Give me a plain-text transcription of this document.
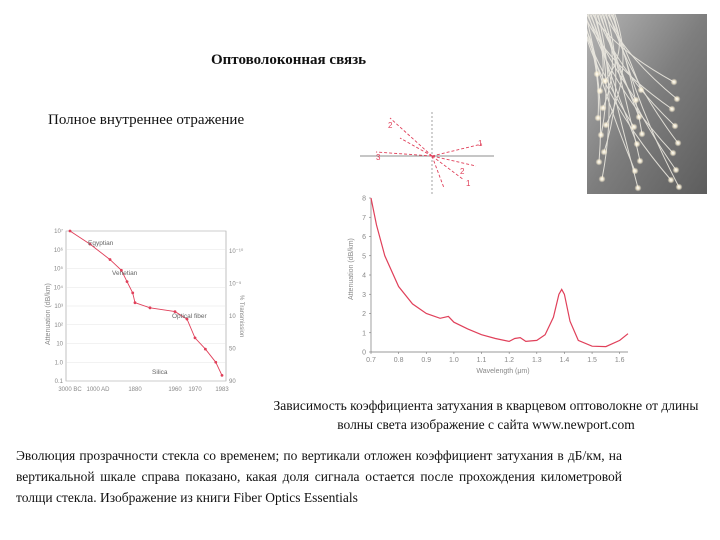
Оптоволоконная связь
Полное внутреннее отражение	2
3
1
2
1
Attenuation (dB/km)	% Transmission
10⁷
10⁶
10⁵
10⁴
10³
10²
10
1.0
0.1
10⁻¹⁰
10⁻⁵
10
50
90
3000 BC 1000 AD	1880	1960 1970 1983
Egyptian
Venetian
Optical fiber
Silica
0
1
2
3
4
5
6
7
8
0.7	0.8	0.9	1.0	1.1	1.2	1.3	1.4	1.5	1.6
Attenuation (dB/km)
Wavelength (μm)
Зависимость коэффициента затухания в кварцевом оптоволокне от длины волны света изображение с сайта www.newport.com
Эволюция прозрачности стекла со временем; по вертикали отложен коэффициент затухания в дБ/км, на вертикальной шкале справа показано, какая доля сигнала остается после прохождения километровой толщи стекла. Изображение из книги Fiber Optics Essentials
